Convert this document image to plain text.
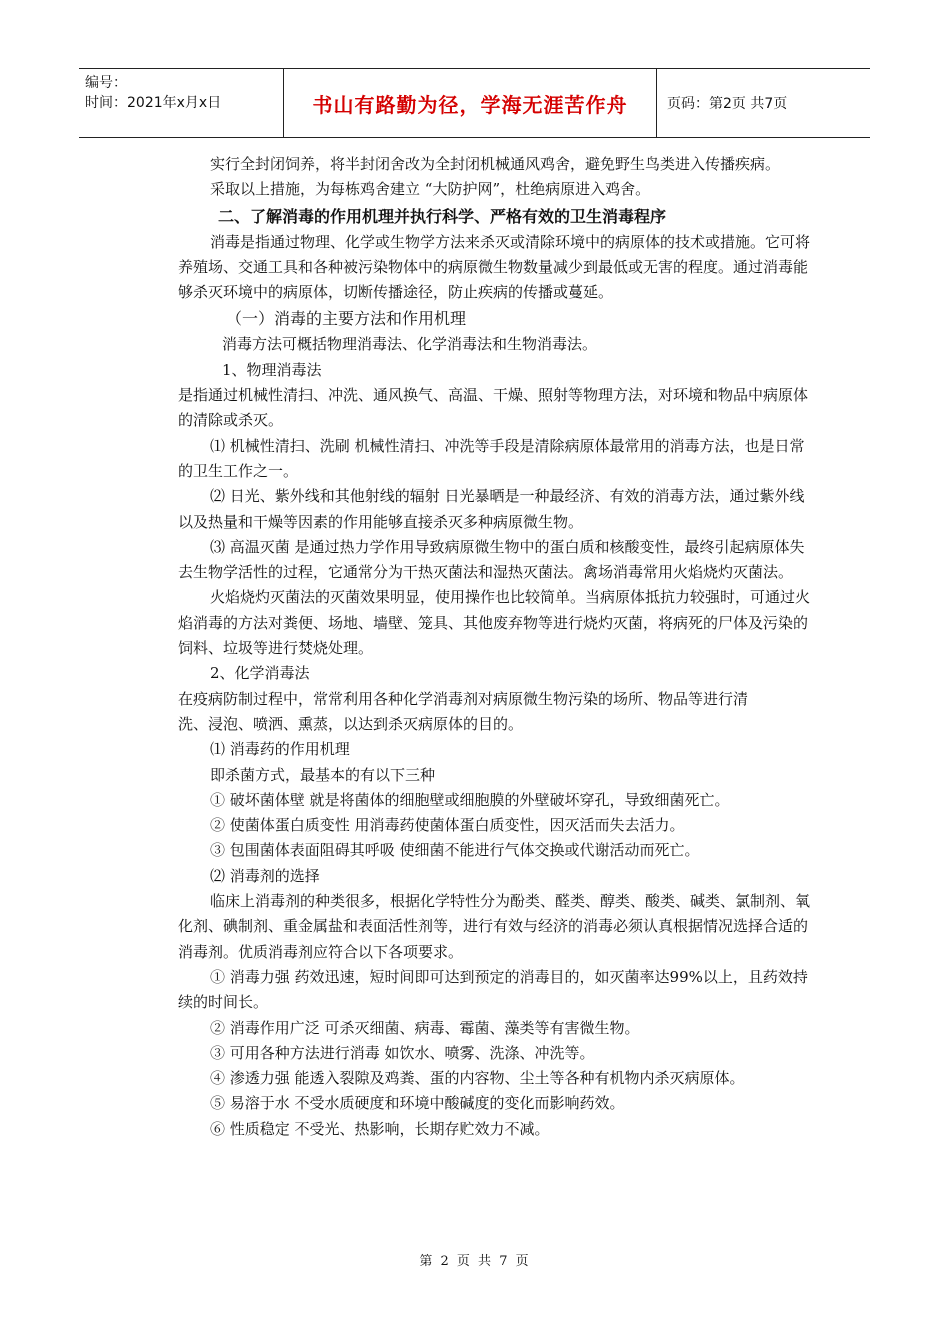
编号：
时间：2021年x月x日	书山有路勤为径，学海无涯苦作舟	页码：第2页 共7页

实行全封闭饲养，将半封闭舍改为全封闭机械通风鸡舍，避免野生鸟类进入传播疾病。

采取以上措施，为每栋鸡舍建立 “大防护网”，杜绝病原进入鸡舍。

二、了解消毒的作用机理并执行科学、严格有效的卫生消毒程序

消毒是指通过物理、化学或生物学方法来杀灭或清除环境中的病原体的技术或措施。它可将养殖场、交通工具和各种被污染物体中的病原微生物数量减少到最低或无害的程度。通过消毒能够杀灭环境中的病原体，切断传播途径，防止疾病的传播或蔓延。

（一）消毒的主要方法和作用机理

消毒方法可概括物理消毒法、化学消毒法和生物消毒法。

1、物理消毒法

是指通过机械性清扫、冲洗、通风换气、高温、干燥、照射等物理方法，对环境和物品中病原体的清除或杀灭。

⑴ 机械性清扫、洗刷 机械性清扫、冲洗等手段是清除病原体最常用的消毒方法，也是日常的卫生工作之一。

⑵ 日光、紫外线和其他射线的辐射 日光暴晒是一种最经济、有效的消毒方法，通过紫外线以及热量和干燥等因素的作用能够直接杀灭多种病原微生物。

⑶ 高温灭菌 是通过热力学作用导致病原微生物中的蛋白质和核酸变性，最终引起病原体失去生物学活性的过程，它通常分为干热灭菌法和湿热灭菌法。禽场消毒常用火焰烧灼灭菌法。

火焰烧灼灭菌法的灭菌效果明显，使用操作也比较简单。当病原体抵抗力较强时，可通过火焰消毒的方法对粪便、场地、墙壁、笼具、其他废弃物等进行烧灼灭菌，将病死的尸体及污染的饲料、垃圾等进行焚烧处理。

2、化学消毒法

在疫病防制过程中，常常利用各种化学消毒剂对病原微生物污染的场所、物品等进行清

洗、浸泡、喷洒、熏蒸，以达到杀灭病原体的目的。

⑴ 消毒药的作用机理

即杀菌方式，最基本的有以下三种

① 破坏菌体壁 就是将菌体的细胞壁或细胞膜的外壁破坏穿孔，导致细菌死亡。

② 使菌体蛋白质变性 用消毒药使菌体蛋白质变性，因灭活而失去活力。

③ 包围菌体表面阻碍其呼吸 使细菌不能进行气体交换或代谢活动而死亡。

⑵ 消毒剂的选择

临床上消毒剂的种类很多，根据化学特性分为酚类、醛类、醇类、酸类、碱类、氯制剂、氧化剂、碘制剂、重金属盐和表面活性剂等，进行有效与经济的消毒必须认真根据情况选择合适的消毒剂。优质消毒剂应符合以下各项要求。

① 消毒力强 药效迅速，短时间即可达到预定的消毒目的，如灭菌率达99%以上，且药效持续的时间长。

② 消毒作用广泛 可杀灭细菌、病毒、霉菌、藻类等有害微生物。

③ 可用各种方法进行消毒 如饮水、喷雾、洗涤、冲洗等。

④ 渗透力强 能透入裂隙及鸡粪、蛋的内容物、尘土等各种有机物内杀灭病原体。

⑤ 易溶于水 不受水质硬度和环境中酸碱度的变化而影响药效。

⑥ 性质稳定 不受光、热影响，长期存贮效力不减。

第 2 页 共 7 页
